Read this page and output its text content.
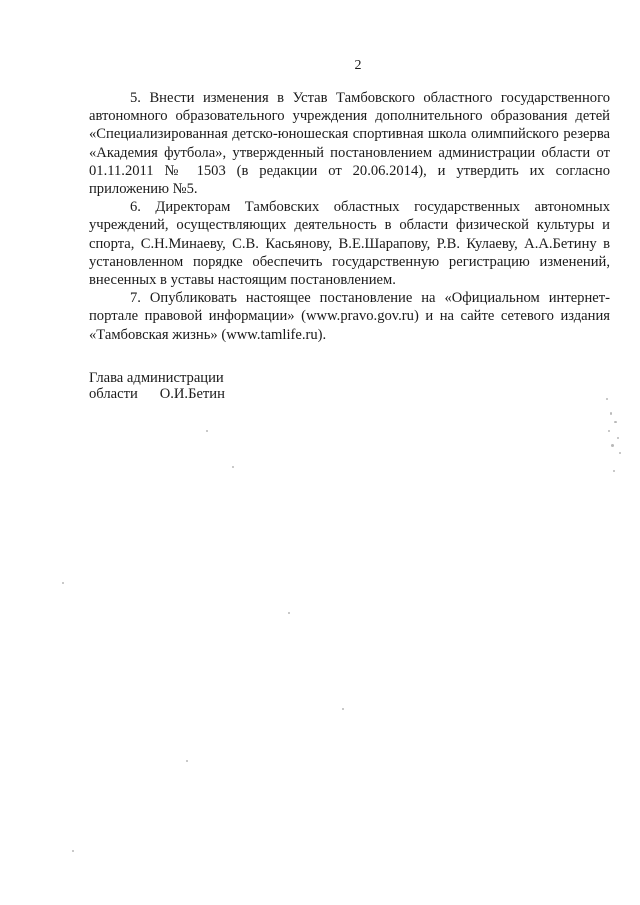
2

5. Внести изменения в Устав Тамбовского областного государственного автономного образовательного учреждения дополнительного образования детей «Специализированная детско-юношеская спортивная школа олимпийского резерва «Академия футбола», утвержденный постановлением администрации области от 01.11.2011 № 1503 (в редакции от 20.06.2014), и утвердить их согласно приложению №5.

6. Директорам Тамбовских областных государственных автономных учреждений, осуществляющих деятельность в области физической культуры и спорта, С.Н.Минаеву, С.В. Касьянову, В.Е.Шарапову, Р.В. Кулаеву, А.А.Бетину в установленном порядке обеспечить государственную регистрацию изменений, внесенных в уставы настоящим постановлением.

7. Опубликовать настоящее постановление на «Официальном интернет-портале правовой информации» (www.pravo.gov.ru) и на сайте сетевого издания «Тамбовская жизнь» (www.tamlife.ru).

Глава администрации
области О.И.Бетин
